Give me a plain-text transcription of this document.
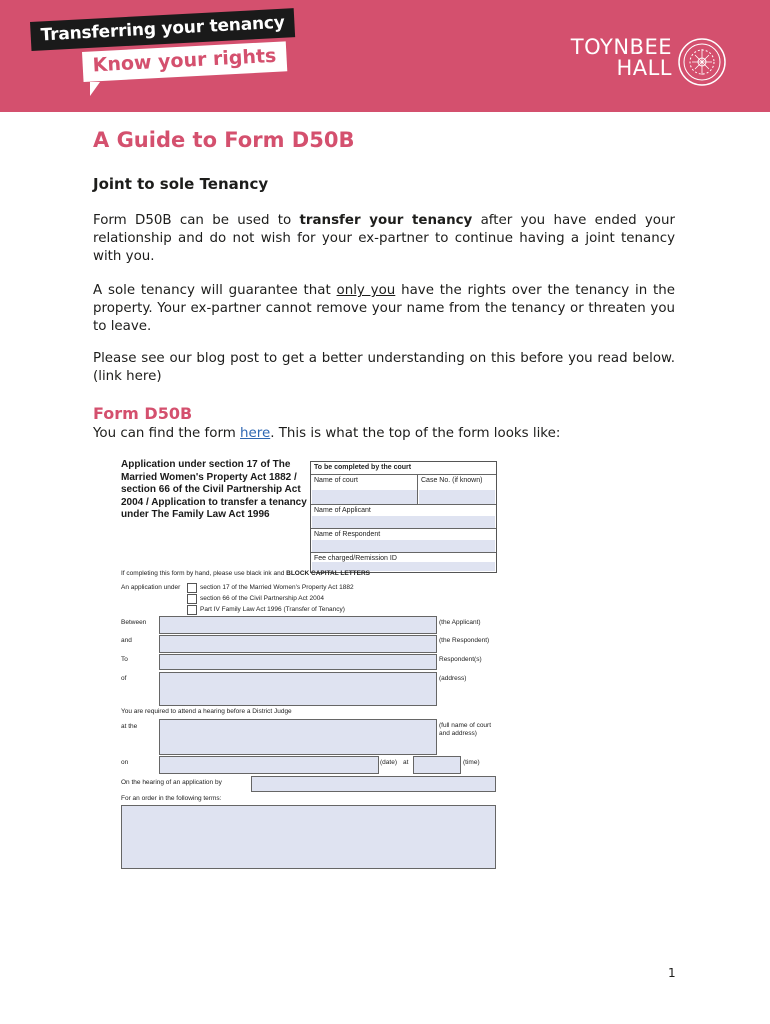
Transferring your tenancy
Know your rights	TOYNBEE
HALL
A Guide to Form D50B
Joint to sole Tenancy

Form D50B can be used to transfer your tenancy after you have ended your relationship and do not wish for your ex-partner to continue having a joint tenancy with you.

A sole tenancy will guarantee that only you have the rights over the tenancy in the property. Your ex-partner cannot remove your name from the tenancy or threaten you to leave.

Please see our blog post to get a better understanding on this before you read below. (link here)

Form D50B
You can find the form here. This is what the top of the form looks like:
Application under section 17 of The Married Women's Property Act 1882 / section 66 of the Civil Partnership Act 2004 / Application to transfer a tenancy under The Family Law Act 1996
To be completed by the court
Name of court	Case No. (if known)
Name of Applicant
Name of Respondent
Fee charged/Remission ID
If completing this form by hand, please use black ink and BLOCK CAPITAL LETTERS
An application under	section 17 of the Married Women's Property Act 1882
section 66 of the Civil Partnership Act 2004
Part IV Family Law Act 1996 (Transfer of Tenancy)
Between	(the Applicant)
and	(the Respondent)
To	Respondent(s)
of	(address)
You are required to attend a hearing before a District Judge
at the	(full name of court and address)
on	(date) at	(time)
On the hearing of an application by
For an order in the following terms:
1
